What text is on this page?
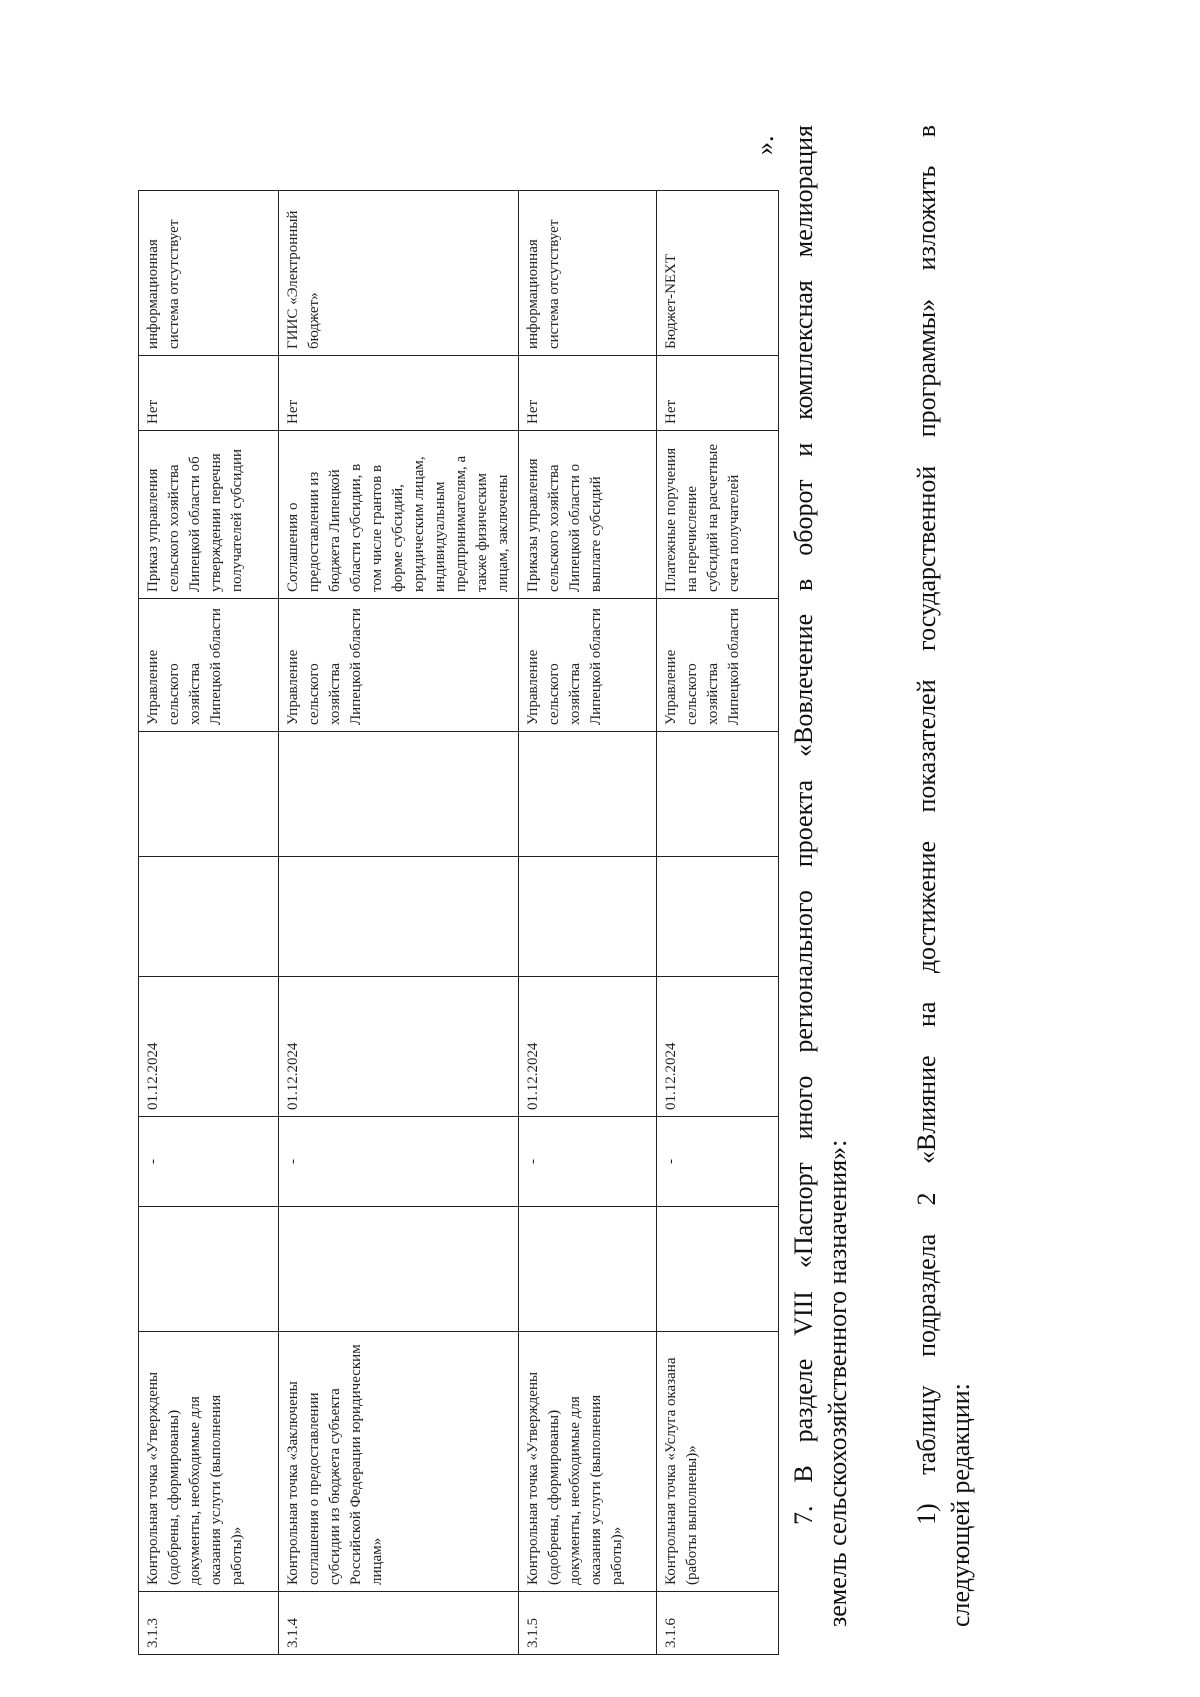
3.1.3	Контрольная точка «Утверждены (одобрены, сформированы) документы, необходимые для оказания услуги (выполнения работы)»		-	01.12.2024			Управление сельского хозяйства Липецкой области	Приказ управления сельского хозяйства Липецкой области об утверждении перечня получателей субсидии	Нет	информационная система отсутствует
3.1.4	Контрольная точка «Заключены соглашения о предоставлении субсидии из бюджета субъекта Российской Федерации юридическим лицам»		-	01.12.2024			Управление сельского хозяйства Липецкой области	Соглашения о предоставлении из бюджета Липецкой области субсидии, в том числе грантов в форме субсидий, юридическим лицам, индивидуальным предпринимателям, а также физическим лицам, заключены	Нет	ГИИС «Электронный бюджет»
3.1.5	Контрольная точка «Утверждены (одобрены, сформированы) документы, необходимые для оказания услуги (выполнения работы)»		-	01.12.2024			Управление сельского хозяйства Липецкой области	Приказы управления сельского хозяйства Липецкой области о выплате субсидий	Нет	информационная система отсутствует
3.1.6	Контрольная точка «Услуга оказана (работы выполнены)»		-	01.12.2024			Управление сельского хозяйства Липецкой области	Платежные поручения на перечисление субсидий на расчетные счета получателей	Нет	Бюджет-NEXT
». 7. В разделе VIII «Паспорт иного регионального проекта «Вовлечение в оборот и комплексная мелиорация земель сельскохозяйственного назначения»: 1) таблицу подраздела 2 «Влияние на достижение показателей государственной программы» изложить в следующей редакции:
